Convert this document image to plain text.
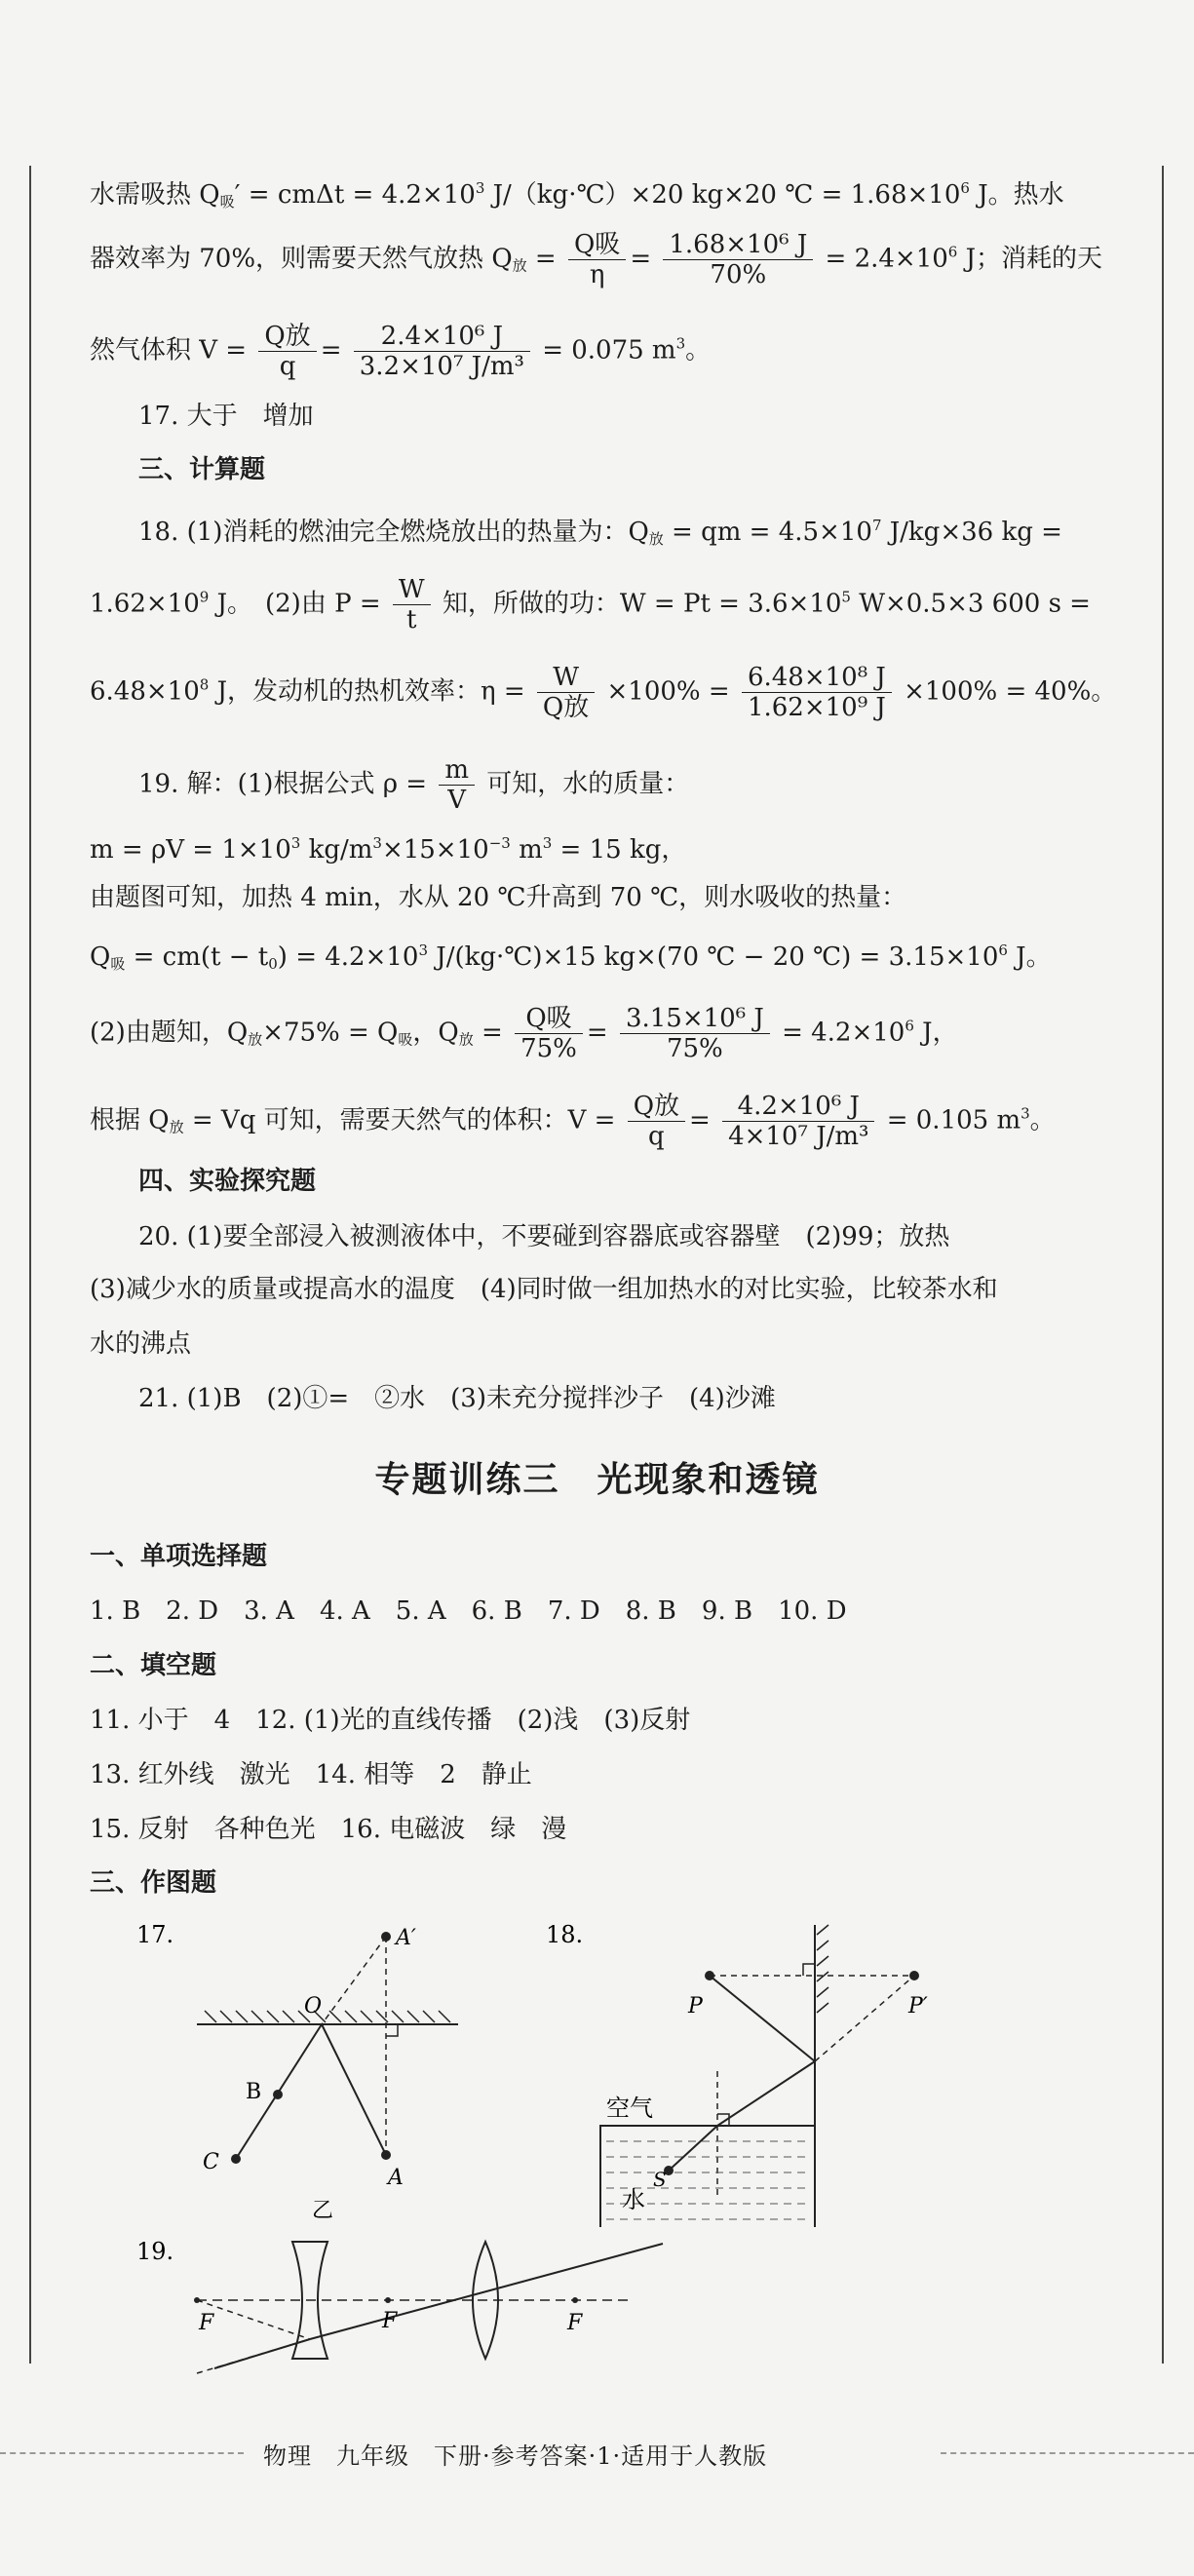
水需吸热 $Q_吸' = cm\Delta t = 4.2\times 10^3$ J/（kg·℃）×20 kg×20 ℃ = $1.68\times 10^6$ J。热水
器效率为 70%，则需要天然气放热 $Q_放 = \frac{\text{Q吸}}{\eta} = \frac{\text{1.68×10⁶ J}}{70\%} = 2.4\times 10^6$ J；消耗的天
然气体积 $V = \frac{\text{Q放}}{q} = \frac{\text{2.4×10⁶ J}}{\text{3.2×10⁷ J/m³}} = 0.075$ $m^3$。
17. 大于　增加
三、计算题
18. (1)消耗的燃油完全燃烧放出的热量为：$Q_放$ = qm = $4.5\times 10^7$ J/kg×36 kg =
$1.62\times 10^9$ J。　(2)由 $P = \frac{W}{t}$ 知，所做的功：$W = Pt = 3.6\times 10^5$ W×0.5×3 600 s =
$6.48\times 10^8$ J，发动机的热机效率：$\eta = \frac{W}{\text{Q放}} \times 100\% = \frac{\text{6.48×10⁸ J}}{\text{1.62×10⁹ J}} \times 100\% = 40\%$。
19. 解：(1)根据公式 $\rho = \frac{m}{V}$ 可知，水的质量：
$m = \rho V = 1\times 10^3$ $kg/m^3\times 15\times 10^{-3}$ $m^3 = 15$ kg，
由题图可知，加热 4 min，水从 20 ℃升高到 70 ℃，则水吸收的热量：
$Q_吸 = cm(t - t_0) = 4.2\times 10^3$ J/(kg·℃)×15 kg×(70 ℃ − 20 ℃) = $3.15\times 10^6$ J。
(2)由题知，$Q_放\times 75\% = Q_吸$，$Q_放 = \frac{\text{Q吸}}{75\%} = \frac{\text{3.15×10⁶ J}}{75\%} = 4.2\times 10^6$ J，
根据 $Q_放 = Vq$ 可知，需要天然气的体积：$V = \frac{\text{Q放}}{q} = \frac{\text{4.2×10⁶ J}}{\text{4×10⁷ J/m³}} = 0.105$ $m^3$。
四、实验探究题
20. (1)要全部浸入被测液体中，不要碰到容器底或容器壁　(2)99；放热
(3)减少水的质量或提高水的温度　(4)同时做一组加热水的对比实验，比较茶水和
水的沸点
21. (1)B　(2)①=　②水　(3)未充分搅拌沙子　(4)沙滩
专题训练三　光现象和透镜
一、单项选择题
1. B　2. D　3. A　4. A　5. A　6. B　7. D　8. B　9. B　10. D
二、填空题
11. 小于　4　12. (1)光的直线传播　(2)浅　(3)反射
13. 红外线　激光　14. 相等　2　静止
15. 反射　各种色光　16. 电磁波　绿　漫
三、作图题
17.	A′
O
B
C
A
乙
18.
P	P′
空气
S
水
19.
F	F	F
物理　九年级　下册·参考答案·1·适用于人教版
